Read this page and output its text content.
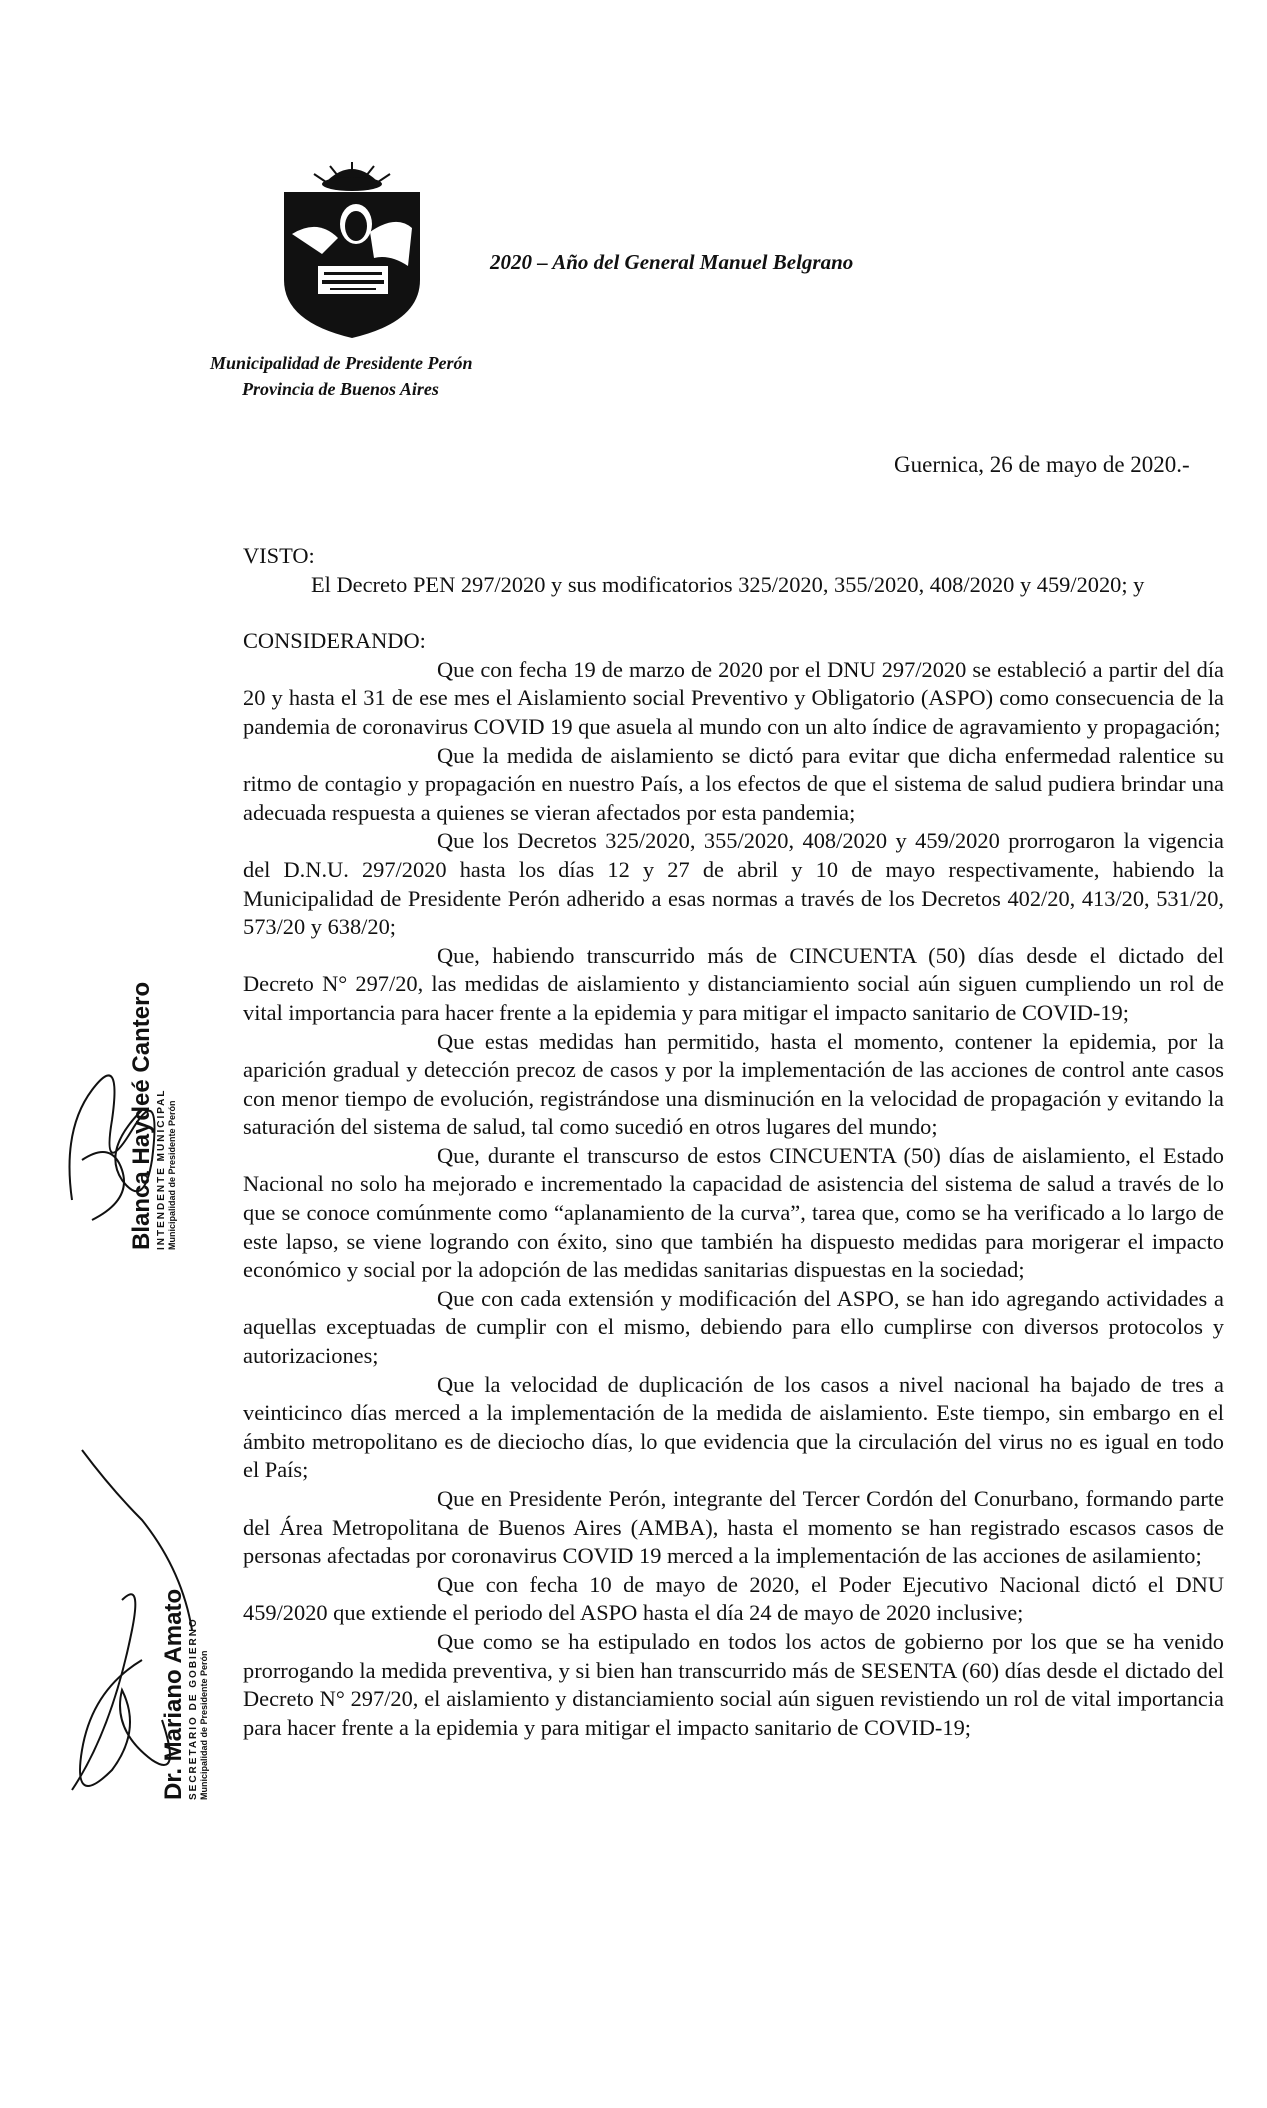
2020 – Año del General Manuel Belgrano
Municipalidad de Presidente Perón
Provincia de Buenos Aires
Guernica, 26 de mayo de 2020.-

VISTO:

El Decreto PEN 297/2020 y sus modificatorios 325/2020, 355/2020, 408/2020 y 459/2020; y

CONSIDERANDO:

Que con fecha 19 de marzo de 2020 por el DNU 297/2020 se estableció a partir del día 20 y hasta el 31 de ese mes el Aislamiento social Preventivo y Obligatorio (ASPO) como consecuencia de la pandemia de coronavirus COVID 19 que asuela al mundo con un alto índice de agravamiento y propagación;

Que la medida de aislamiento se dictó para evitar que dicha enfermedad ralentice su ritmo de contagio y propagación en nuestro País, a los efectos de que el sistema de salud pudiera brindar una adecuada respuesta a quienes se vieran afectados por esta pandemia;

Que los Decretos 325/2020, 355/2020, 408/2020 y 459/2020 prorrogaron la vigencia del D.N.U. 297/2020 hasta los días 12 y 27 de abril y 10 de mayo respectivamente, habiendo la Municipalidad de Presidente Perón adherido a esas normas a través de los Decretos 402/20, 413/20, 531/20, 573/20 y 638/20;

Que, habiendo transcurrido más de CINCUENTA (50) días desde el dictado del Decreto N° 297/20, las medidas de aislamiento y distanciamiento social aún siguen cumpliendo un rol de vital importancia para hacer frente a la epidemia y para mitigar el impacto sanitario de COVID-19;

Que estas medidas han permitido, hasta el momento, contener la epidemia, por la aparición gradual y detección precoz de casos y por la implementación de las acciones de control ante casos con menor tiempo de evolución, registrándose una disminución en la velocidad de propagación y evitando la saturación del sistema de salud, tal como sucedió en otros lugares del mundo;

Que, durante el transcurso de estos CINCUENTA (50) días de aislamiento, el Estado Nacional no solo ha mejorado e incrementado la capacidad de asistencia del sistema de salud a través de lo que se conoce comúnmente como “aplanamiento de la curva”, tarea que, como se ha verificado a lo largo de este lapso, se viene logrando con éxito, sino que también ha dispuesto medidas para morigerar el impacto económico y social por la adopción de las medidas sanitarias dispuestas en la sociedad;

Que con cada extensión y modificación del ASPO, se han ido agregando actividades a aquellas exceptuadas de cumplir con el mismo, debiendo para ello cumplirse con diversos protocolos y autorizaciones;

Que la velocidad de duplicación de los casos a nivel nacional ha bajado de tres a veinticinco días merced a la implementación de la medida de aislamiento. Este tiempo, sin embargo en el ámbito metropolitano es de dieciocho días, lo que evidencia que la circulación del virus no es igual en todo el País;

Que en Presidente Perón, integrante del Tercer Cordón del Conurbano, formando parte del Área Metropolitana de Buenos Aires (AMBA), hasta el momento se han registrado escasos casos de personas afectadas por coronavirus COVID 19 merced a la implementación de las acciones de asilamiento;

Que con fecha 10 de mayo de 2020, el Poder Ejecutivo Nacional dictó el DNU 459/2020 que extiende el periodo del ASPO hasta el día 24 de mayo de 2020 inclusive;

Que como se ha estipulado en todos los actos de gobierno por los que se ha venido prorrogando la medida preventiva, y si bien han transcurrido más de SESENTA (60) días desde el dictado del Decreto N° 297/20, el aislamiento y distanciamiento social aún siguen revistiendo un rol de vital importancia para hacer frente a la epidemia y para mitigar el impacto sanitario de COVID-19;

Blanca Haydeé Cantero INTENDENTE MUNICIPAL Municipalidad de Presidente Perón
Dr. Mariano Amato SECRETARIO DE GOBIERNO Municipalidad de Presidente Perón
